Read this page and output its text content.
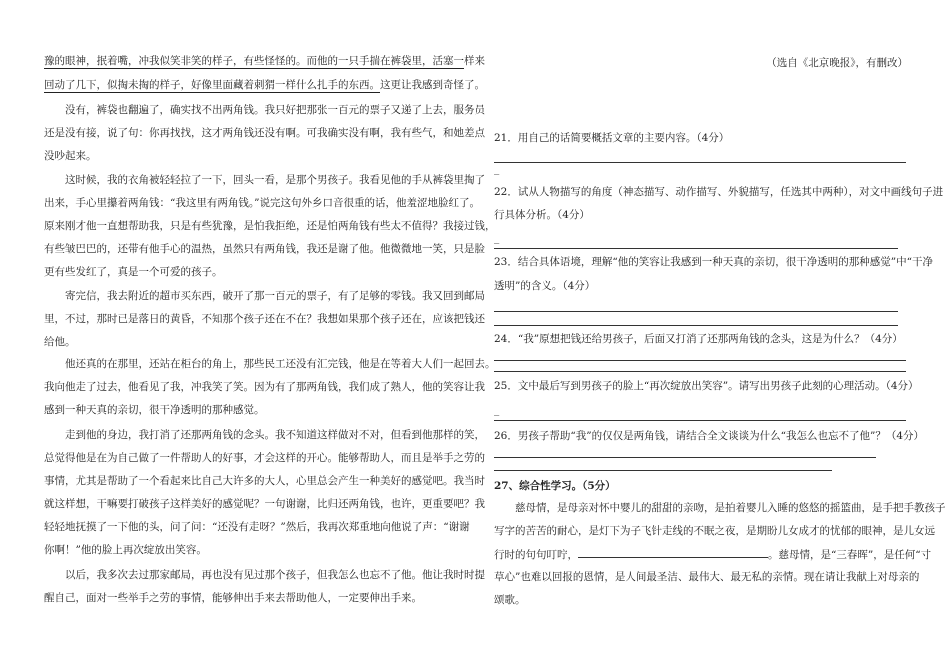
豫的眼神，抿着嘴，冲我似笑非笑的样子，有些怪怪的。而他的一只手揣在裤袋里，活塞一样来
回动了几下，似掏未掏的样子，好像里面藏着刺猬一样什么扎手的东西。这更让我感到奇怪了。
没有，裤袋也翻遍了，确实找不出两角钱。我只好把那张一百元的票子又递了上去，服务员
还是没有接，说了句：你再找找，这才两角钱还没有啊。可我确实没有啊，我有些气，和她差点
没吵起来。
这时候，我的衣角被轻轻拉了一下，回头一看，是那个男孩子。我看见他的手从裤袋里掏了
出来，手心里攥着两角钱：“我这里有两角钱。”说完这句外乡口音很重的话，他羞涩地脸红了。
原来刚才他一直想帮助我，只是有些犹豫，是怕我拒绝，还是怕两角钱有些太不值得？我接过钱，
有些皱巴巴的，还带有他手心的温热，虽然只有两角钱，我还是谢了他。他微微地一笑，只是脸
更有些发红了，真是一个可爱的孩子。
寄完信，我去附近的超市买东西，破开了那一百元的票子，有了足够的零钱。我又回到邮局
里，不过，那时已是落日的黄昏，不知那个孩子还在不在？我想如果那个孩子还在，应该把钱还
给他。
他还真的在那里，还站在柜台的角上，那些民工还没有汇完钱，他是在等着大人们一起回去。
我向他走了过去，他看见了我，冲我笑了笑。因为有了那两角钱，我们成了熟人，他的笑容让我
感到一种天真的亲切，很干净透明的那种感觉。
走到他的身边，我打消了还那两角钱的念头。我不知道这样做对不对，但看到他那样的笑，
总觉得他是在为自己做了一件帮助人的好事，才会这样的开心。能够帮助人，而且是举手之劳的
事情，尤其是帮助了一个看起来比自己大许多的大人，心里总会产生一种美好的感觉吧。我当时
就这样想，干嘛要打破孩子这样美好的感觉呢？一句谢谢，比归还两角钱，也许，更重要吧？我
轻轻地抚摸了一下他的头，问了问：“还没有走呀？”然后，我再次郑重地向他说了声：“谢谢
你啊！”他的脸上再次绽放出笑容。
以后，我多次去过那家邮局，再也没有见过那个孩子，但我怎么也忘不了他。他让我时时提
醒自己，面对一些举手之劳的事情，能够伸出手来去帮助他人，一定要伸出手来。
（选自《北京晚报》，有删改）
21．用自己的话简要概括文章的主要内容。（4分）
_
22．试从人物描写的角度（神态描写、动作描写、外貌描写，任选其中两种），对文中画线句子进
行具体分析。（4分）
_
23．结合具体语境，理解“他的笑容让我感到一种天真的亲切，很干净透明的那种感觉”中“干净
透明”的含义。（4分）
24．“我”原想把钱还给男孩子，后面又打消了还那两角钱的念头，这是为什么？（4分）
25．文中最后写到男孩子的脸上“再次绽放出笑容”。请写出男孩子此刻的心理活动。（4分）
_
26．男孩子帮助“我”的仅仅是两角钱，请结合全文谈谈为什么“我怎么也忘不了他”？（4分）
27、综合性学习。（5分）
慈母情，是母亲对怀中婴儿的甜甜的亲吻，是拍着婴儿入睡的悠悠的摇篮曲，是手把手教孩子
写字的苦苦的耐心，是灯下为子飞针走线的不眠之夜，是期盼儿女成才的忧郁的眼神，是儿女远
行时的句句叮咛，	。慈母情，是“三春晖”，是任何“寸
草心”也难以回报的恩情，是人间最圣洁、最伟大、最无私的亲情。现在请让我献上对母亲的
颂歌。
